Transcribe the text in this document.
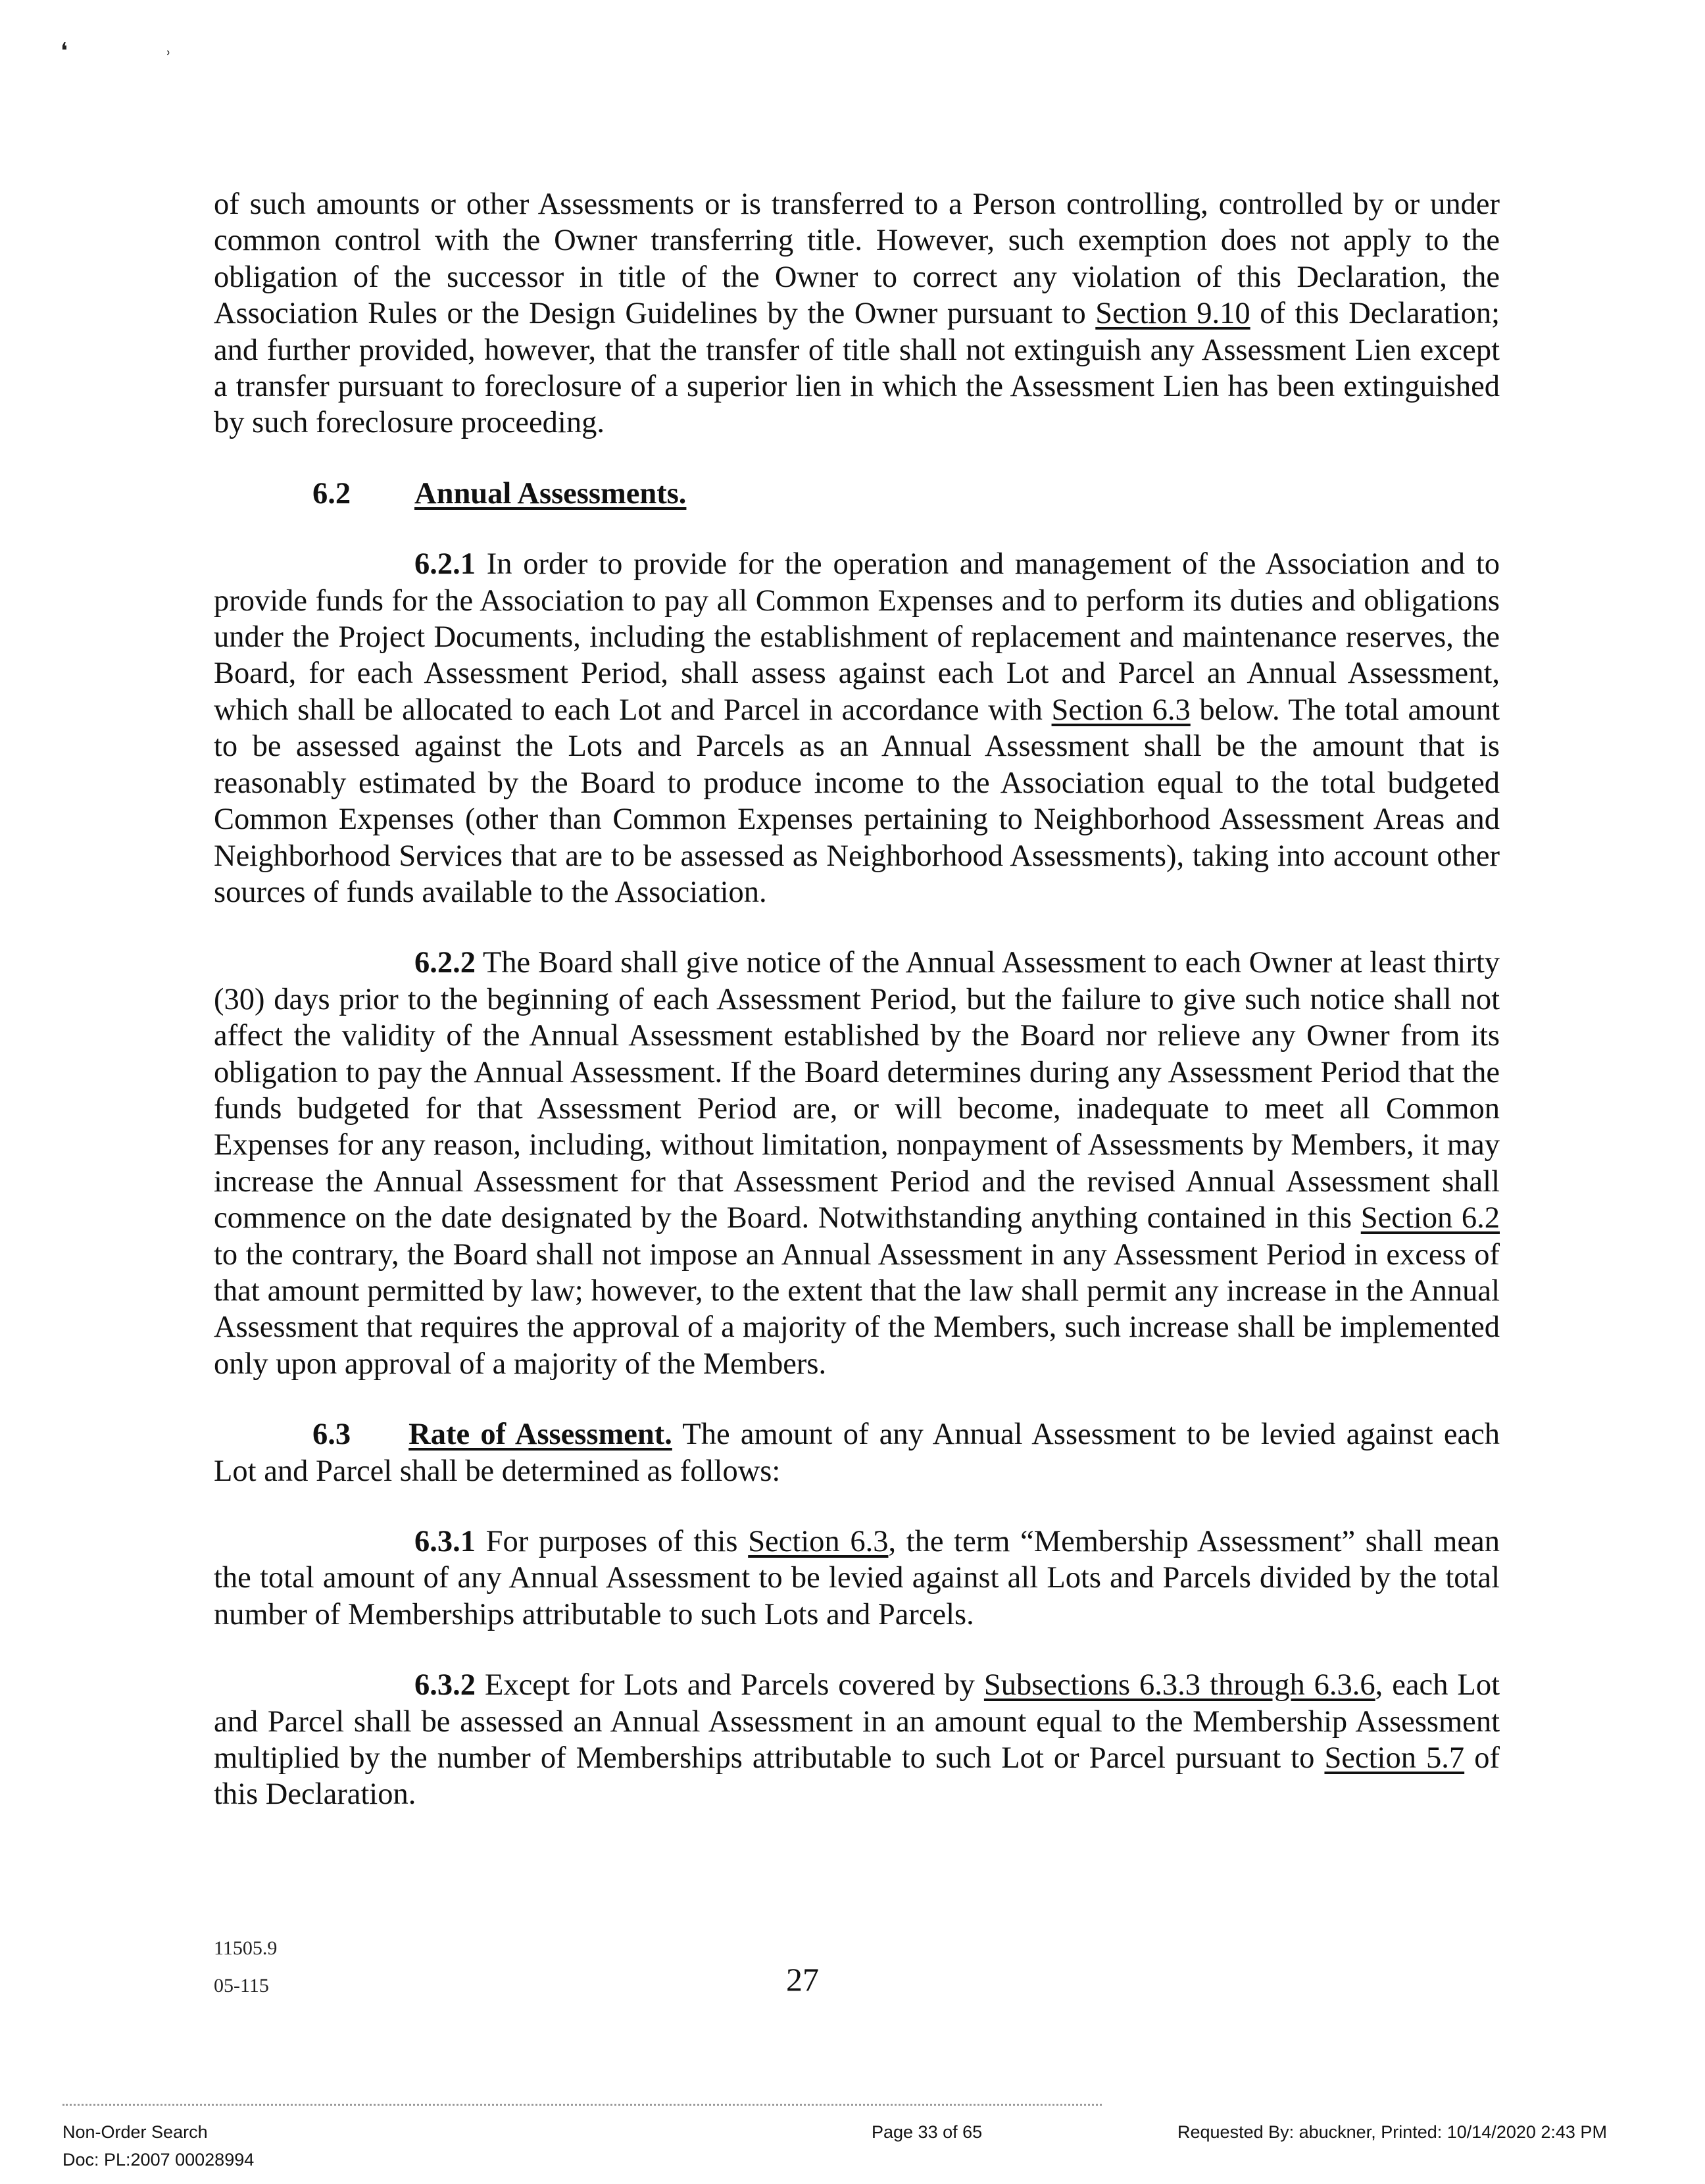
❛	˒

of such amounts or other Assessments or is transferred to a Person controlling, controlled by or under common control with the Owner transferring title. However, such exemption does not apply to the obligation of the successor in title of the Owner to correct any violation of this Declaration, the Association Rules or the Design Guidelines by the Owner pursuant to Section 9.10 of this Declaration; and further provided, however, that the transfer of title shall not extinguish any Assessment Lien except a transfer pursuant to foreclosure of a superior lien in which the Assessment Lien has been extinguished by such foreclosure proceeding.

6.2	Annual Assessments.

6.2.1 In order to provide for the operation and management of the Association and to provide funds for the Association to pay all Common Expenses and to perform its duties and obligations under the Project Documents, including the establishment of replacement and maintenance reserves, the Board, for each Assessment Period, shall assess against each Lot and Parcel an Annual Assessment, which shall be allocated to each Lot and Parcel in accordance with Section 6.3 below. The total amount to be assessed against the Lots and Parcels as an Annual Assessment shall be the amount that is reasonably estimated by the Board to produce income to the Association equal to the total budgeted Common Expenses (other than Common Expenses pertaining to Neighborhood Assessment Areas and Neighborhood Services that are to be assessed as Neighborhood Assessments), taking into account other sources of funds available to the Association.

6.2.2 The Board shall give notice of the Annual Assessment to each Owner at least thirty (30) days prior to the beginning of each Assessment Period, but the failure to give such notice shall not affect the validity of the Annual Assessment established by the Board nor relieve any Owner from its obligation to pay the Annual Assessment. If the Board determines during any Assessment Period that the funds budgeted for that Assessment Period are, or will become, inadequate to meet all Common Expenses for any reason, including, without limitation, nonpayment of Assessments by Members, it may increase the Annual Assessment for that Assessment Period and the revised Annual Assessment shall commence on the date designated by the Board. Notwithstanding anything contained in this Section 6.2 to the contrary, the Board shall not impose an Annual Assessment in any Assessment Period in excess of that amount permitted by law; however, to the extent that the law shall permit any increase in the Annual Assessment that requires the approval of a majority of the Members, such increase shall be implemented only upon approval of a majority of the Members.

6.3 Rate of Assessment. The amount of any Annual Assessment to be levied against each Lot and Parcel shall be determined as follows:

6.3.1 For purposes of this Section 6.3, the term “Membership Assessment” shall mean the total amount of any Annual Assessment to be levied against all Lots and Parcels divided by the total number of Memberships attributable to such Lots and Parcels.

6.3.2 Except for Lots and Parcels covered by Subsections 6.3.3 through 6.3.6, each Lot and Parcel shall be assessed an Annual Assessment in an amount equal to the Membership Assessment multiplied by the number of Memberships attributable to such Lot or Parcel pursuant to Section 5.7 of this Declaration.

11505.9
05-115	27
Non-Order Search
Doc: PL:2007 00028994
Page 33 of 65	Requested By: abuckner, Printed: 10/14/2020 2:43 PM
